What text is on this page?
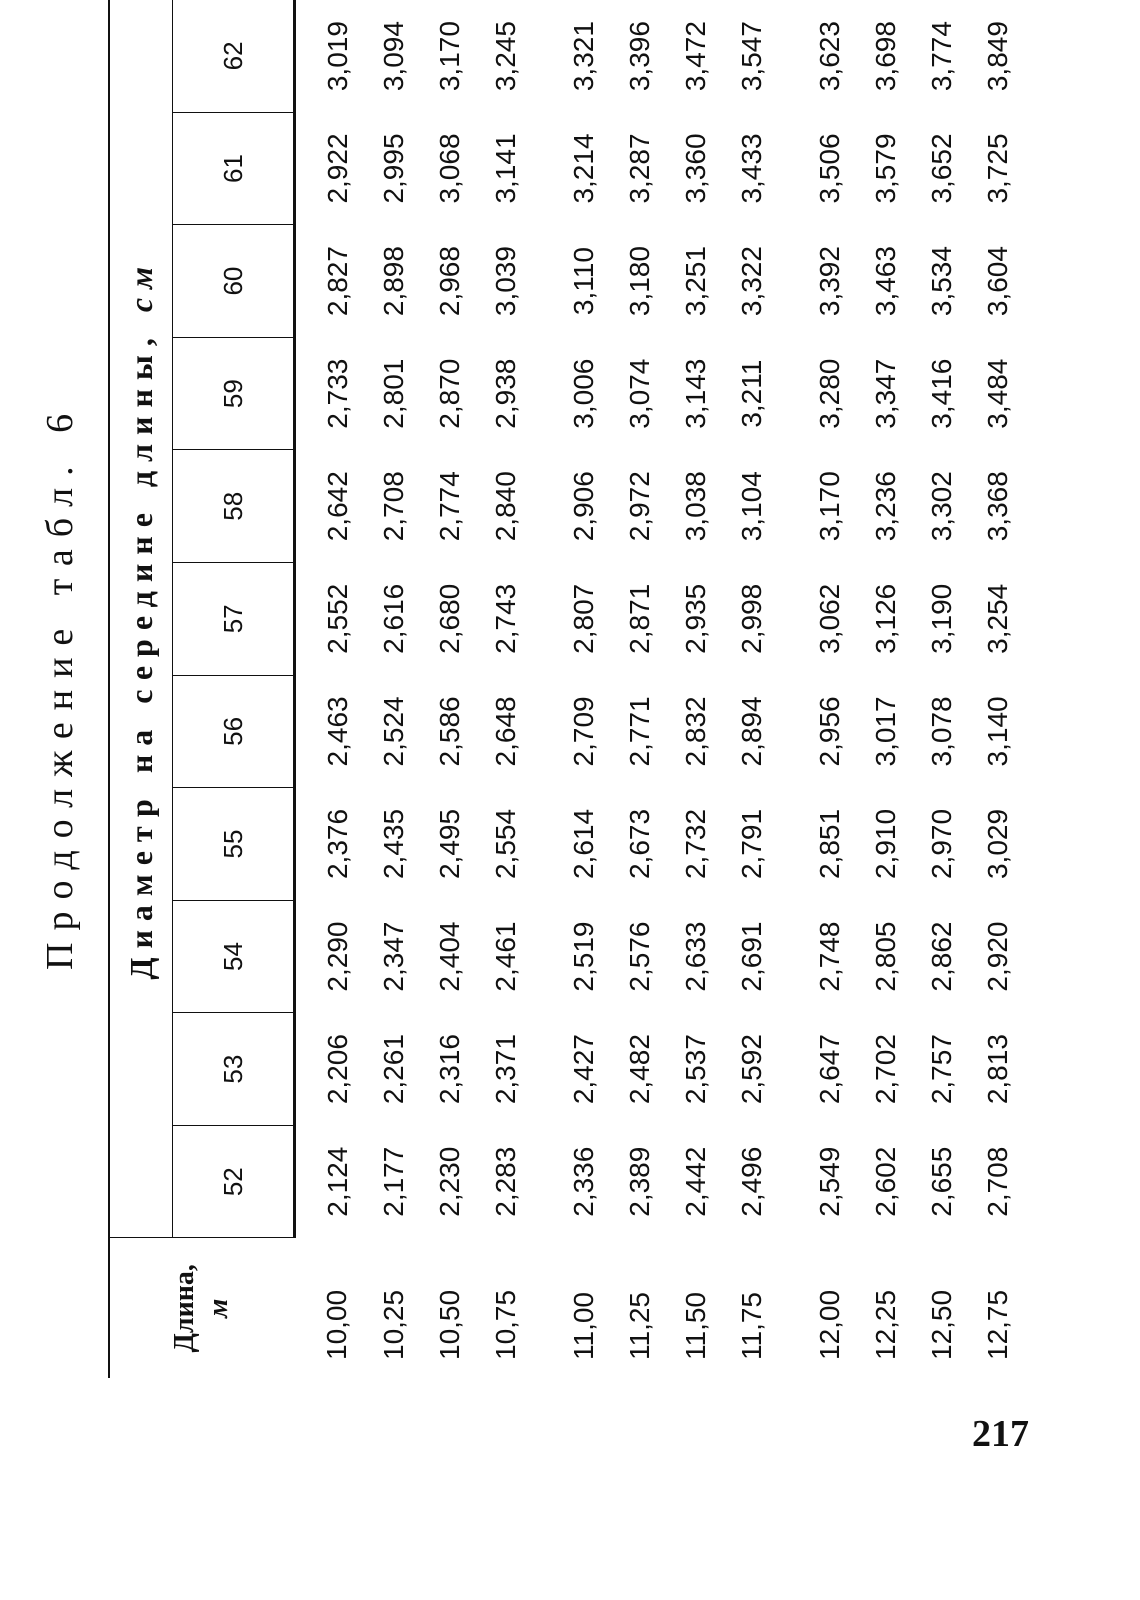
Продолжение табл. 6
Длина, м	Диаметр на середине длины, см										
	52	53	54	55	56	57	58	59	60	61	62
10,00	2,124	2,206	2,290	2,376	2,463	2,552	2,642	2,733	2,827	2,922	3,019
10,25	2,177	2,261	2,347	2,435	2,524	2,616	2,708	2,801	2,898	2,995	3,094
10,50	2,230	2,316	2,404	2,495	2,586	2,680	2,774	2,870	2,968	3,068	3,170
10,75	2,283	2,371	2,461	2,554	2,648	2,743	2,840	2,938	3,039	3,141	3,245

11,00	2,336	2,427	2,519	2,614	2,709	2,807	2,906	3,006	3,110	3,214	3,321
11,25	2,389	2,482	2,576	2,673	2,771	2,871	2,972	3,074	3,180	3,287	3,396
11,50	2,442	2,537	2,633	2,732	2,832	2,935	3,038	3,143	3,251	3,360	3,472
11,75	2,496	2,592	2,691	2,791	2,894	2,998	3,104	3,211	3,322	3,433	3,547

12,00	2,549	2,647	2,748	2,851	2,956	3,062	3,170	3,280	3,392	3,506	3,623
12,25	2,602	2,702	2,805	2,910	3,017	3,126	3,236	3,347	3,463	3,579	3,698
12,50	2,655	2,757	2,862	2,970	3,078	3,190	3,302	3,416	3,534	3,652	3,774
12,75	2,708	2,813	2,920	3,029	3,140	3,254	3,368	3,484	3,604	3,725	3,849
217
